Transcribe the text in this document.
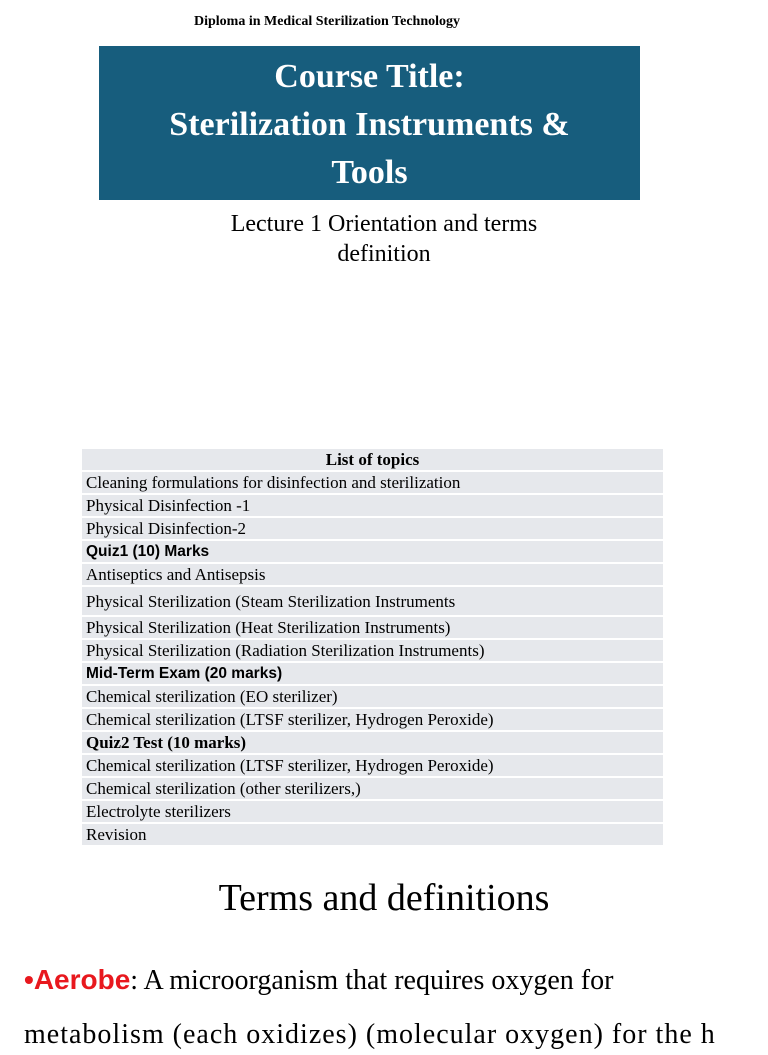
Diploma in Medical Sterilization Technology
Course Title:
Sterilization Instruments &
Tools
Lecture 1 Orientation and terms
definition
List of topics
Cleaning formulations for disinfection and sterilization
Physical Disinfection -1
Physical Disinfection-2
Quiz1 (10) Marks
Antiseptics and Antisepsis
Physical Sterilization (Steam Sterilization Instruments
Physical Sterilization (Heat Sterilization Instruments)
Physical Sterilization (Radiation Sterilization Instruments)
Mid-Term Exam (20 marks)
Chemical sterilization (EO sterilizer)
Chemical sterilization (LTSF sterilizer, Hydrogen Peroxide)
Quiz2 Test (10 marks)
Chemical sterilization (LTSF sterilizer, Hydrogen Peroxide)
Chemical sterilization (other sterilizers,)
Electrolyte sterilizers
Revision
Terms and definitions
•Aerobe: A microorganism that requires oxygen for
metabolism (each oxidizes) (molecular oxygen) for the h
